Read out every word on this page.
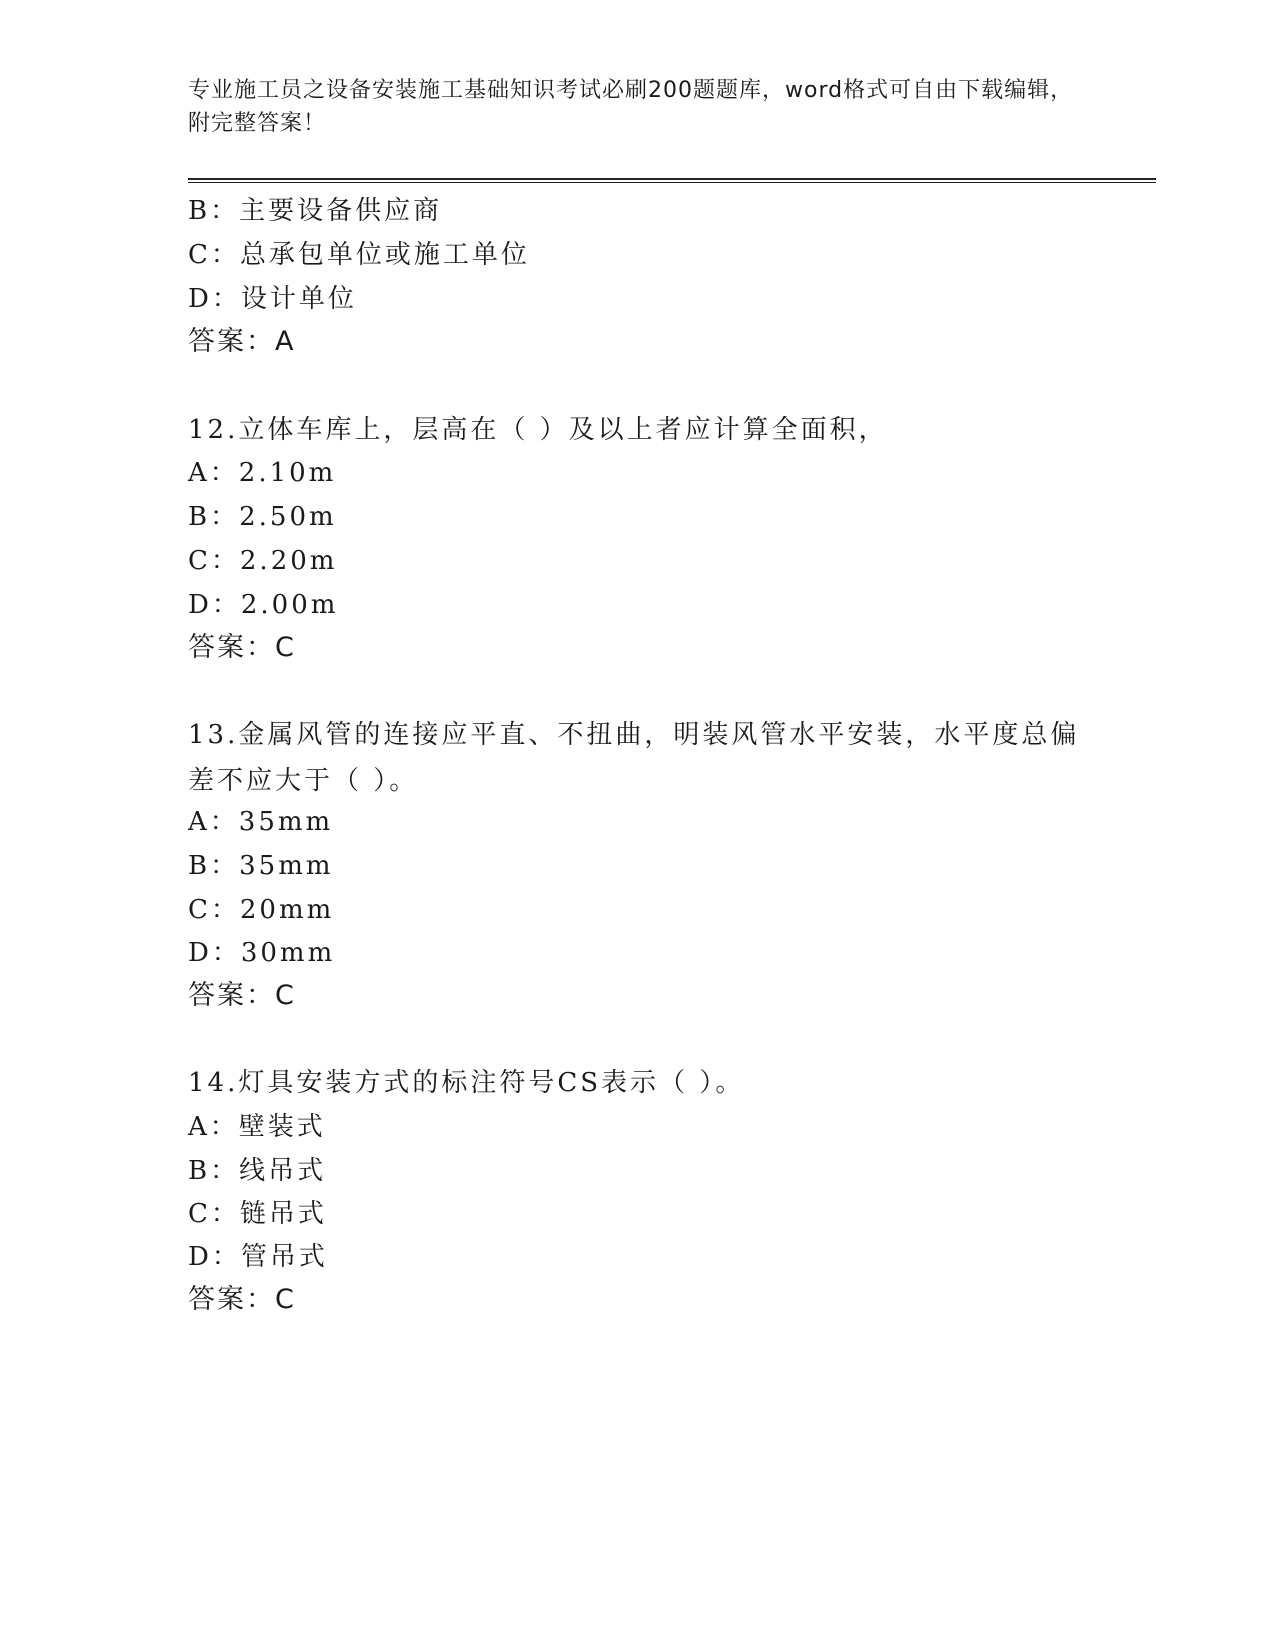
专业施工员之设备安装施工基础知识考试必刷200题题库，word格式可自由下载编辑，附完整答案！
B：主要设备供应商
C：总承包单位或施工单位
D：设计单位
答案：A
12.立体车库上，层高在（ ）及以上者应计算全面积，
A：2.10m
B：2.50m
C：2.20m
D：2.00m
答案：C
13.金属风管的连接应平直、不扭曲，明装风管水平安装，水平度总偏差不应大于（ ）。
A：35mm
B：35mm
C：20mm
D：30mm
答案：C
14.灯具安装方式的标注符号CS表示（ ）。
A：壁装式
B：线吊式
C：链吊式
D：管吊式
答案：C
